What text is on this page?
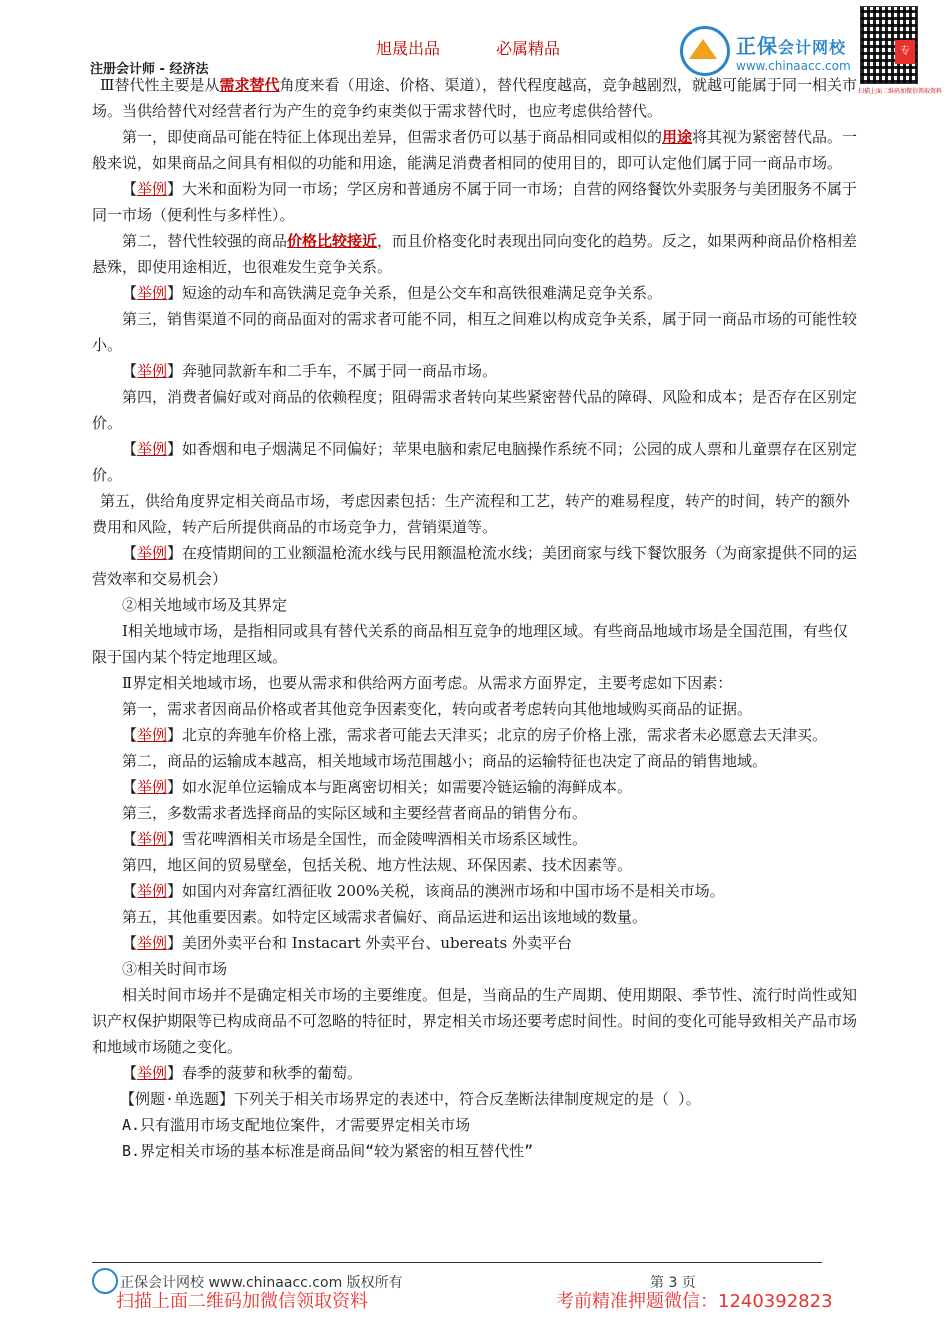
注册会计师 - 经济法
旭晟出品	必属精品	正保会计网校
www.chinaacc.com
专
扫描上面二维码加微信领取资料

Ⅲ替代性主要是从需求替代角度来看（用途、价格、渠道），替代程度越高，竞争越剧烈，就越可能属于同一相关市场。当供给替代对经营者行为产生的竞争约束类似于需求替代时，也应考虑供给替代。

第一，即使商品可能在特征上体现出差异，但需求者仍可以基于商品相同或相似的用途将其视为紧密替代品。一般来说，如果商品之间具有相似的功能和用途，能满足消费者相同的使用目的，即可认定他们属于同一商品市场。

【举例】大米和面粉为同一市场；学区房和普通房不属于同一市场；自营的网络餐饮外卖服务与美团服务不属于同一市场（便利性与多样性）。

第二，替代性较强的商品价格比较接近，而且价格变化时表现出同向变化的趋势。反之，如果两种商品价格相差悬殊，即使用途相近，也很难发生竞争关系。

【举例】短途的动车和高铁满足竞争关系，但是公交车和高铁很难满足竞争关系。

第三，销售渠道不同的商品面对的需求者可能不同，相互之间难以构成竞争关系，属于同一商品市场的可能性较小。

【举例】奔驰同款新车和二手车，不属于同一商品市场。

第四，消费者偏好或对商品的依赖程度；阻碍需求者转向某些紧密替代品的障碍、风险和成本；是否存在区别定价。

【举例】如香烟和电子烟满足不同偏好；苹果电脑和索尼电脑操作系统不同；公园的成人票和儿童票存在区别定价。

第五，供给角度界定相关商品市场，考虑因素包括：生产流程和工艺，转产的难易程度，转产的时间，转产的额外费用和风险，转产后所提供商品的市场竞争力，营销渠道等。

【举例】在疫情期间的工业额温枪流水线与民用额温枪流水线；美团商家与线下餐饮服务（为商家提供不同的运营效率和交易机会）

②相关地域市场及其界定

Ⅰ相关地域市场，是指相同或具有替代关系的商品相互竞争的地理区域。有些商品地域市场是全国范围，有些仅限于国内某个特定地理区域。

Ⅱ界定相关地域市场，也要从需求和供给两方面考虑。从需求方面界定，主要考虑如下因素：

第一，需求者因商品价格或者其他竞争因素变化，转向或者考虑转向其他地域购买商品的证据。

【举例】北京的奔驰车价格上涨，需求者可能去天津买；北京的房子价格上涨，需求者未必愿意去天津买。

第二，商品的运输成本越高，相关地域市场范围越小；商品的运输特征也决定了商品的销售地域。

【举例】如水泥单位运输成本与距离密切相关；如需要冷链运输的海鲜成本。

第三，多数需求者选择商品的实际区域和主要经营者商品的销售分布。

【举例】雪花啤酒相关市场是全国性，而金陵啤酒相关市场系区域性。

第四，地区间的贸易壁垒，包括关税、地方性法规、环保因素、技术因素等。

【举例】如国内对奔富红酒征收 200%关税，该商品的澳洲市场和中国市场不是相关市场。

第五，其他重要因素。如特定区域需求者偏好、商品运进和运出该地域的数量。

【举例】美团外卖平台和 Instacart 外卖平台、ubereats 外卖平台

③相关时间市场

相关时间市场并不是确定相关市场的主要维度。但是，当商品的生产周期、使用期限、季节性、流行时尚性或知识产权保护期限等已构成商品不可忽略的特征时，界定相关市场还要考虑时间性。时间的变化可能导致相关产品市场和地域市场随之变化。

【举例】春季的菠萝和秋季的葡萄。

【例题·单选题】下列关于相关市场界定的表述中，符合反垄断法律制度规定的是（ ）。

A.只有滥用市场支配地位案件，才需要界定相关市场

B.界定相关市场的基本标准是商品间“较为紧密的相互替代性”

正保会计网校 www.chinaacc.com 版权所有	第 3 页
扫描上面二维码加微信领取资料	考前精准押题微信：1240392823
